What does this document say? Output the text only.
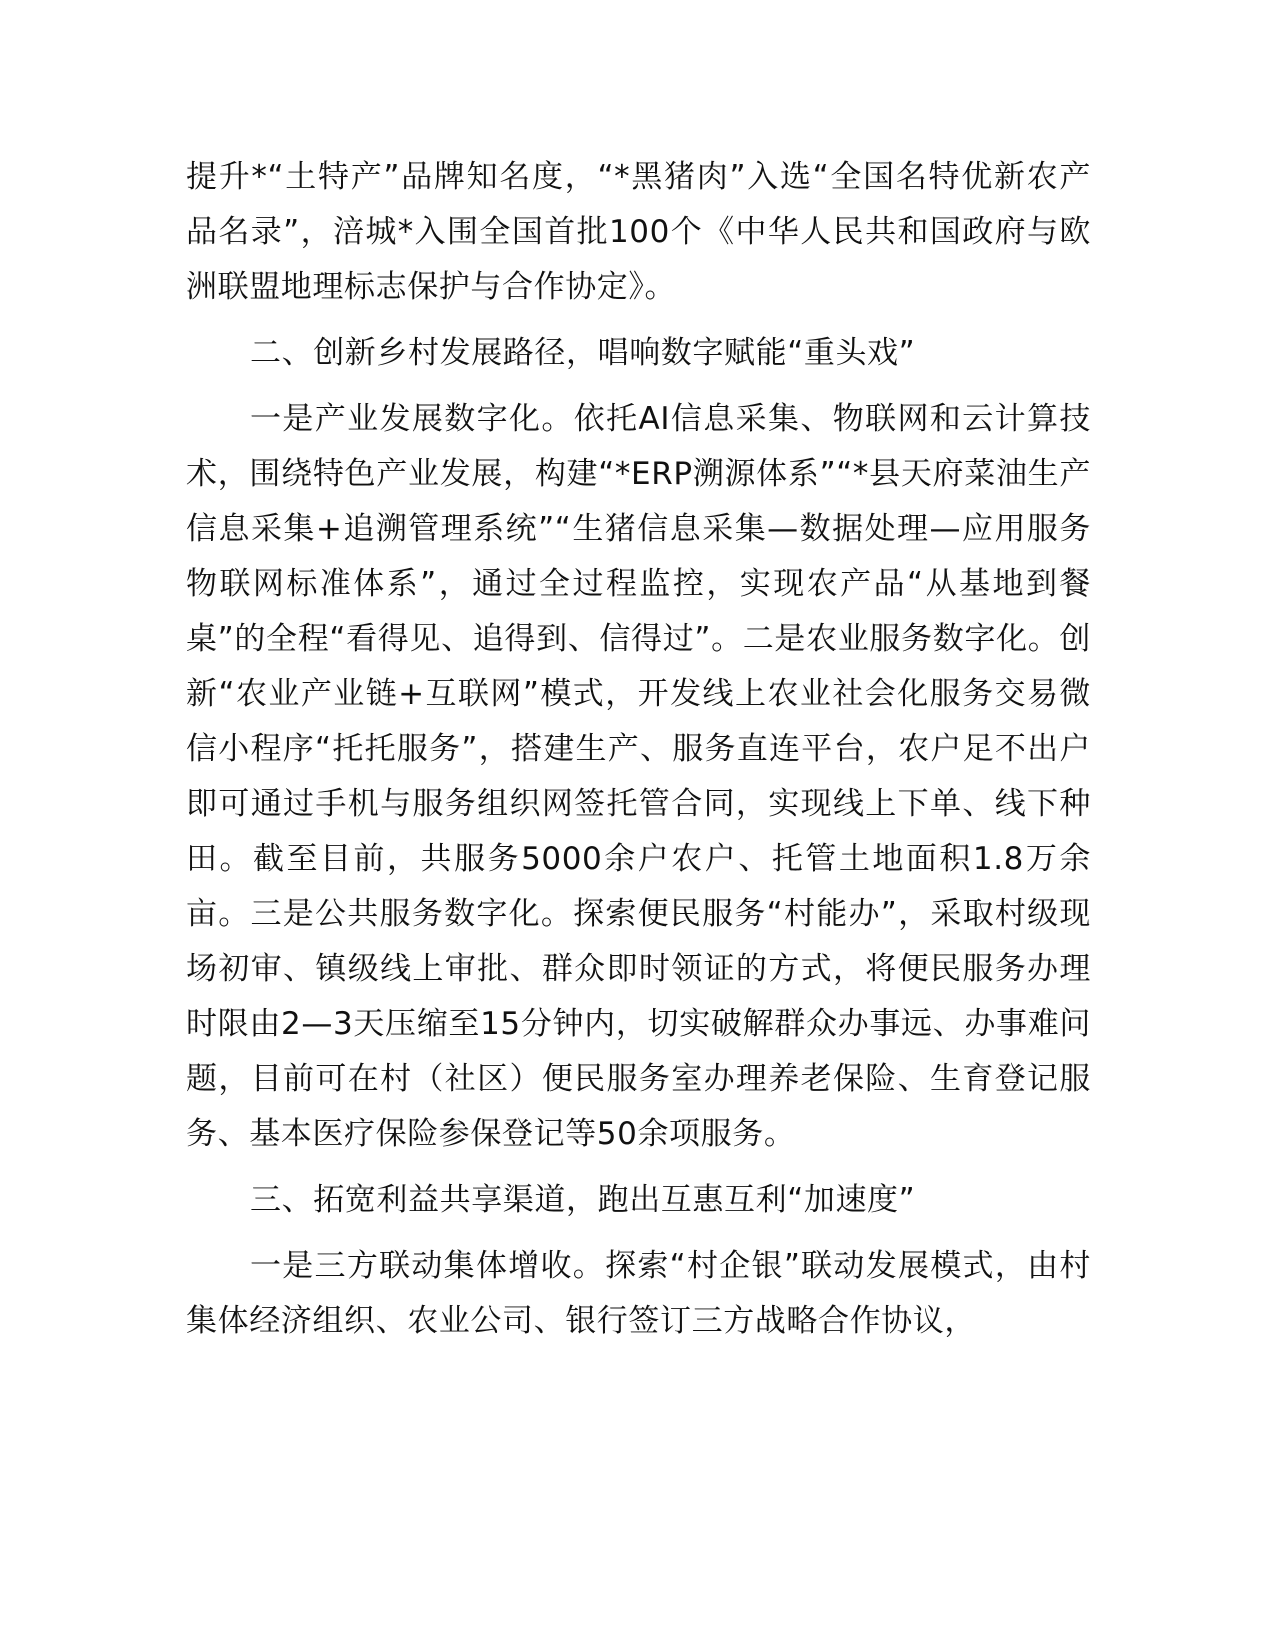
提升*“土特产”品牌知名度，“*黑猪肉”入选“全国名特优新农产品名录”，涪城*入围全国首批100个《中华人民共和国政府与欧洲联盟地理标志保护与合作协定》。

二、创新乡村发展路径，唱响数字赋能“重头戏”

一是产业发展数字化。依托AI信息采集、物联网和云计算技术，围绕特色产业发展，构建“*ERP溯源体系”“*县天府菜油生产信息采集+追溯管理系统”“生猪信息采集—数据处理—应用服务物联网标准体系”，通过全过程监控，实现农产品“从基地到餐桌”的全程“看得见、追得到、信得过”。二是农业服务数字化。创新“农业产业链+互联网”模式，开发线上农业社会化服务交易微信小程序“托托服务”，搭建生产、服务直连平台，农户足不出户即可通过手机与服务组织网签托管合同，实现线上下单、线下种田。截至目前，共服务5000余户农户、托管土地面积1.8万余亩。三是公共服务数字化。探索便民服务“村能办”，采取村级现场初审、镇级线上审批、群众即时领证的方式，将便民服务办理时限由2—3天压缩至15分钟内，切实破解群众办事远、办事难问题，目前可在村（社区）便民服务室办理养老保险、生育登记服务、基本医疗保险参保登记等50余项服务。

三、拓宽利益共享渠道，跑出互惠互利“加速度”

一是三方联动集体增收。探索“村企银”联动发展模式，由村集体经济组织、农业公司、银行签订三方战略合作协议，
